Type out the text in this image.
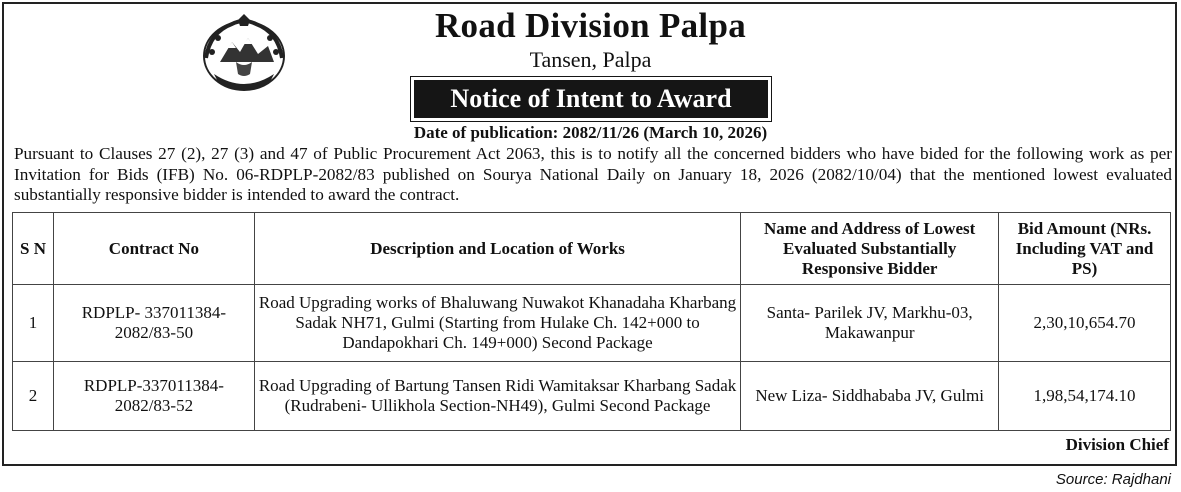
Road Division Palpa
Tansen, Palpa
Notice of Intent to Award
Date of publication: 2082/11/26 (March 10, 2026)
Pursuant to Clauses 27 (2), 27 (3) and 47 of Public Procurement Act 2063, this is to notify all the concerned bidders who have bided for the following work as per Invitation for Bids (IFB) No. 06-RDPLP-2082/83 published on Sourya National Daily on January 18, 2026 (2082/10/04) that the mentioned lowest evaluated substantially responsive bidder is intended to award the contract.
S N	Contract No	Description and Location of Works	Name and Address of Lowest Evaluated Substantially Responsive Bidder	Bid Amount (NRs. Including VAT and PS)
1	RDPLP- 337011384-2082/83-50	Road Upgrading works of Bhaluwang Nuwakot Khanadaha Kharbang Sadak NH71, Gulmi (Starting from Hulake Ch. 142+000 to Dandapokhari Ch. 149+000) Second Package	Santa- Parilek JV, Markhu-03, Makawanpur	2,30,10,654.70
2	RDPLP-337011384-2082/83-52	Road Upgrading of Bartung Tansen Ridi Wamitaksar Kharbang Sadak (Rudrabeni- Ullikhola Section-NH49), Gulmi Second Package	New Liza- Siddhababa JV, Gulmi	1,98,54,174.10
Division Chief
Source: Rajdhani
